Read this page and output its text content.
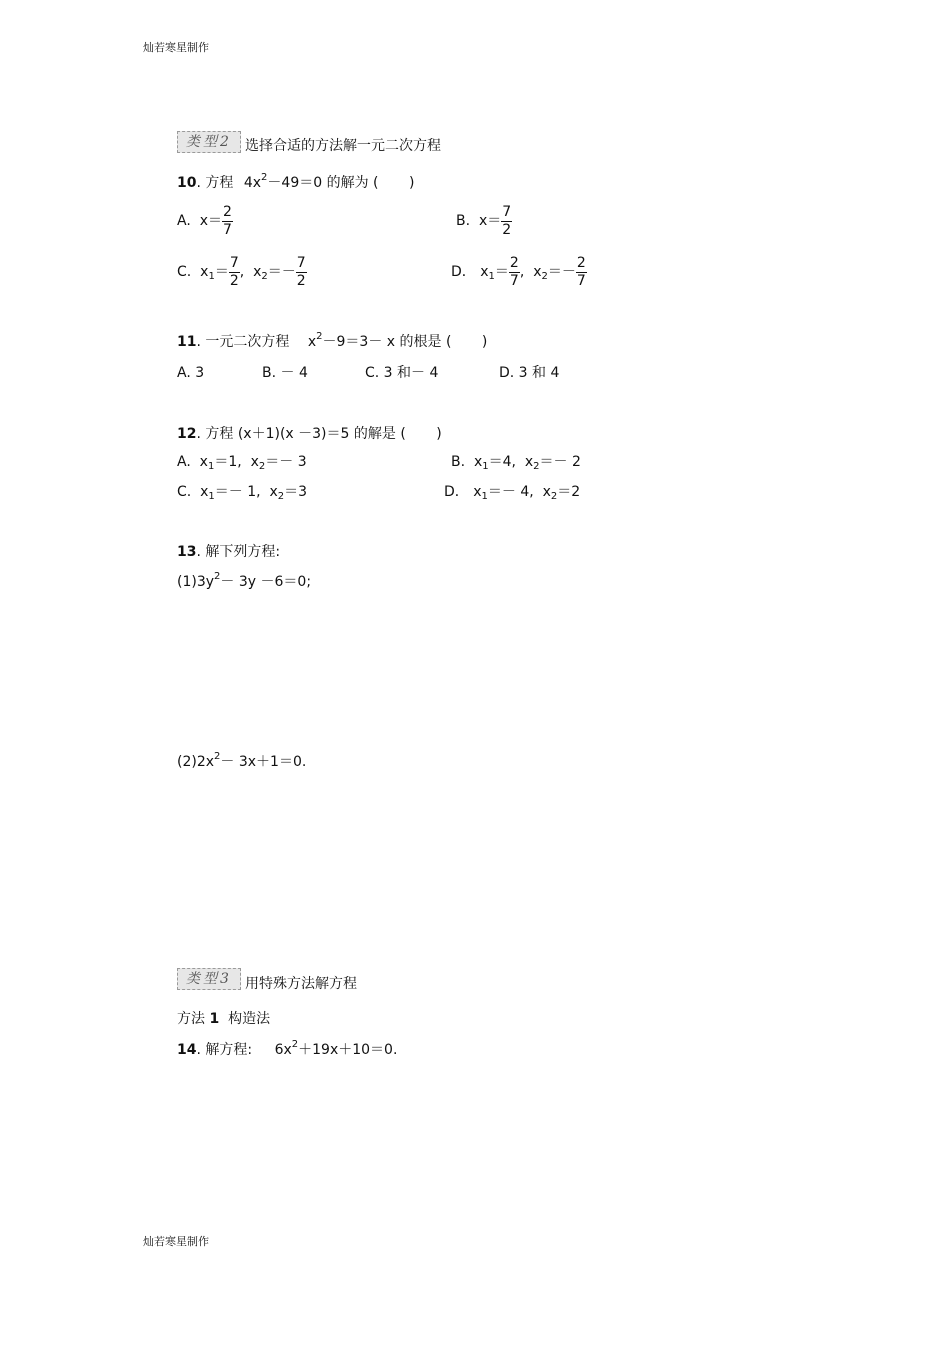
灿若寒星制作
类型2 选择合适的方法解一元二次方程
10. 方程 $4x^2-49=0$ 的解为 ( )
A. $x= \frac{2}{7}$	B. $x= \frac{7}{2}$
C. $x_1= \frac{7}{2}$ , $x_2=- \frac{7}{2}$	D． $x_1= \frac{2}{7}$ , $x_2=- \frac{2}{7}$
11. 一元二次方程 $x^2-9=3- x$ 的根是 ( )
A. 3	B. － 4	C. 3 和－ 4	D. 3 和 4
12. 方程 (x＋1)(x －3)＝5 的解是 ( )
A.  $x_1=1$,  $x_2=- 3$	B.  $x_1=4$,  $x_2=- 2$
C.  $x_1=- 1$,  $x_2=3$	D． $x_1=- 4$,  $x_2=2$
13. 解下列方程:
$(1)3y^2- 3y -6=0$;
$(2)2x^2- 3x+1=0$.
类型3 用特殊方法解方程
方法 1 构造法
14. 解方程: $6x^2+19x+10=0$.
灿若寒星制作
